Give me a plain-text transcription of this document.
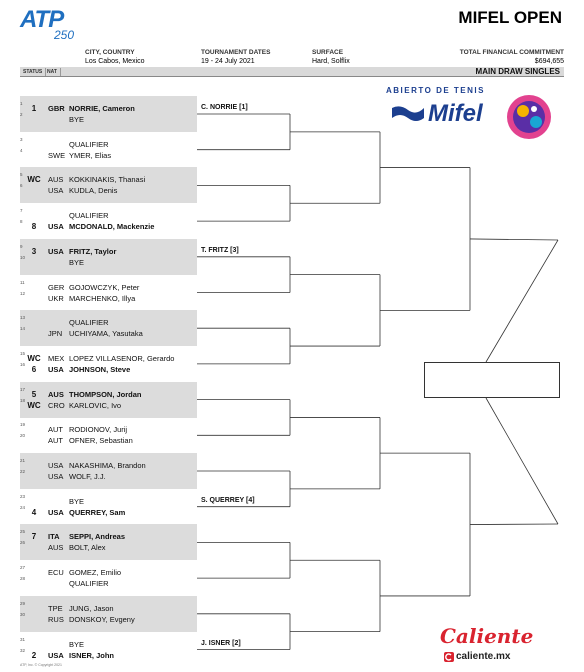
ATP
250
MIFEL OPEN
CITY, COUNTRY
Los Cabos, Mexico
TOURNAMENT DATES
19 - 24 July 2021
SURFACE
Hard, Solflix
TOTAL FINANCIAL COMMITMENT
$694,655
STATUS NAT	MAIN DRAW SINGLES
1
1	GBR NORRIE, Cameron
2
BYE
C. NORRIE [1]
3
QUALIFIER
4
SWE YMER, Elias
5
WC AUS KOKKINAKIS, Thanasi
6
USA KUDLA, Denis
7
QUALIFIER
8
8	USA MCDONALD, Mackenzie
9
3	USA FRITZ, Taylor
10
BYE
T. FRITZ [3]
11
GER GOJOWCZYK, Peter
12
UKR MARCHENKO, Illya
13
QUALIFIER
14
JPN UCHIYAMA, Yasutaka
15
WC MEX LOPEZ VILLASENOR, Gerardo
16
6	USA JOHNSON, Steve
17
5	AUS THOMPSON, Jordan
18
WC CRO KARLOVIC, Ivo
19
AUT RODIONOV, Jurij
20
AUT OFNER, Sebastian
21
USA NAKASHIMA, Brandon
22
USA WOLF, J.J.
23
BYE
24
4	USA QUERREY, Sam
S. QUERREY [4]
25
7	ITA SEPPI, Andreas
26
AUS BOLT, Alex
27
ECU GOMEZ, Emilio
28
QUALIFIER
29
TPE JUNG, Jason
30
RUS DONSKOY, Evgeny
31
BYE
32
2	USA ISNER, John
J. ISNER [2]
ABIERTO DE TENIS
Mifel
Caliente
caliente.mx
ATP, Inc. © Copyright 2021
